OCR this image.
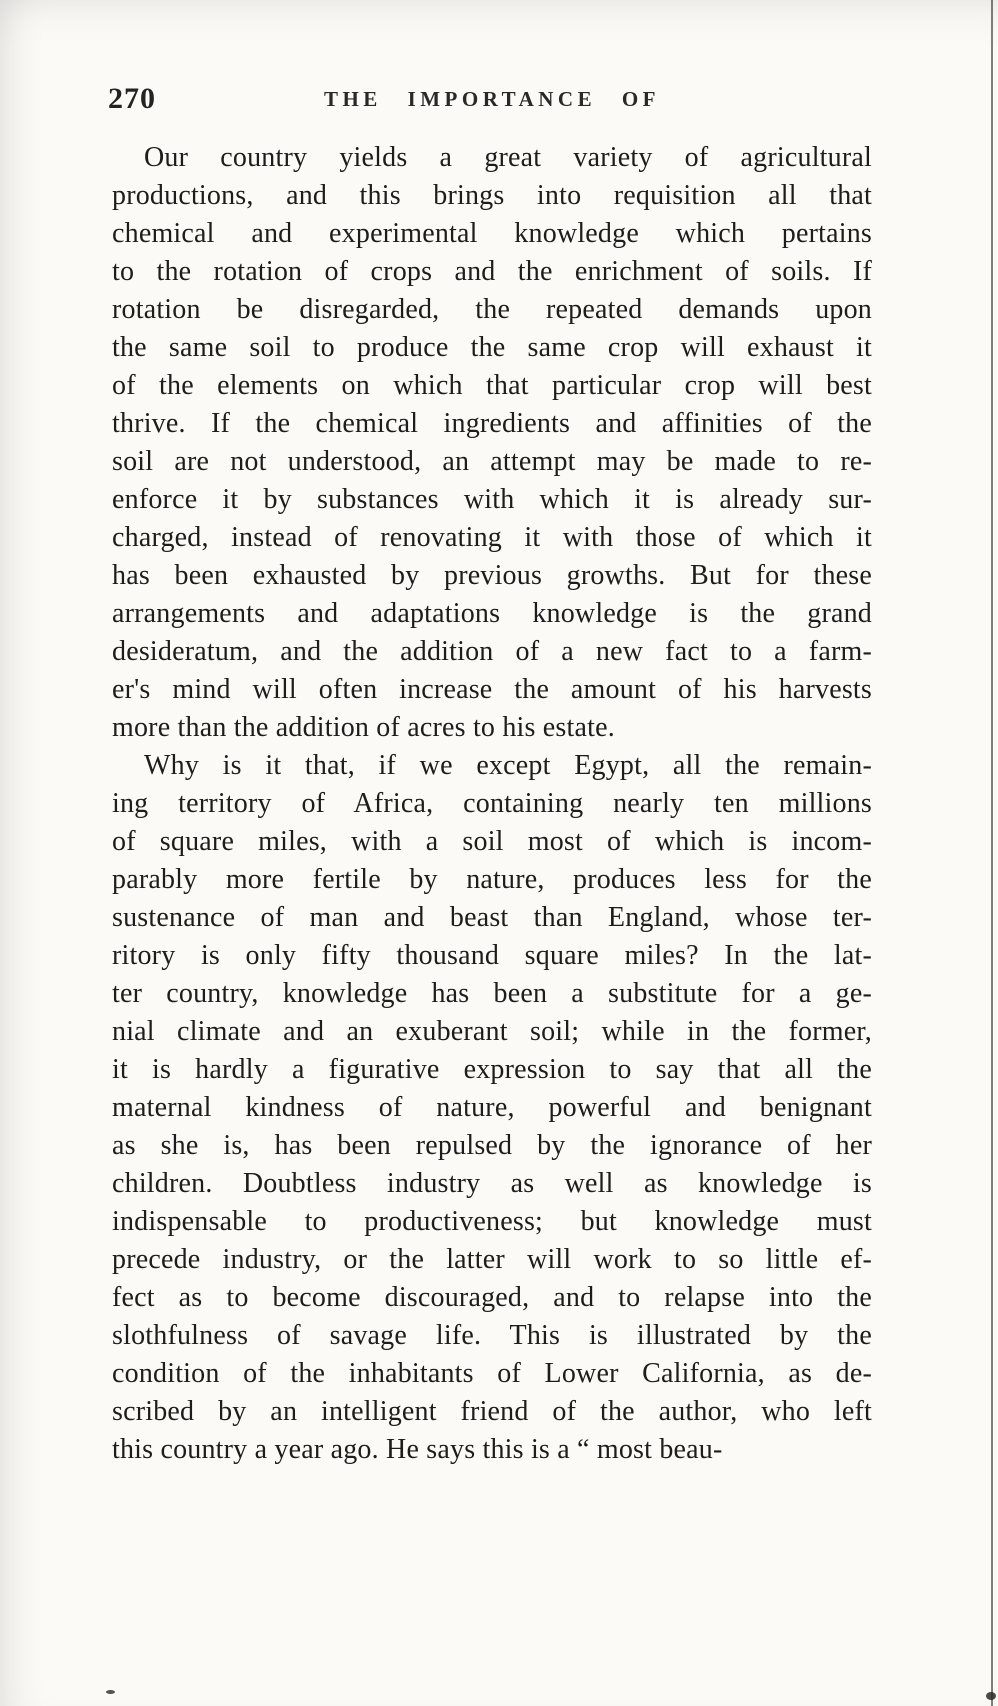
270	THE IMPORTANCE OF
Our country yields a great variety of agricultural
productions, and this brings into requisition all that
chemical and experimental knowledge which pertains
to the rotation of crops and the enrichment of soils. If
rotation be disregarded, the repeated demands upon
the same soil to produce the same crop will exhaust it
of the elements on which that particular crop will best
thrive. If the chemical ingredients and affinities of the
soil are not understood, an attempt may be made to re-
enforce it by substances with which it is already sur-
charged, instead of renovating it with those of which it
has been exhausted by previous growths. But for these
arrangements and adaptations knowledge is the grand
desideratum, and the addition of a new fact to a farm-
er's mind will often increase the amount of his harvests
more than the addition of acres to his estate.
Why is it that, if we except Egypt, all the remain-
ing territory of Africa, containing nearly ten millions
of square miles, with a soil most of which is incom-
parably more fertile by nature, produces less for the
sustenance of man and beast than England, whose ter-
ritory is only fifty thousand square miles? In the lat-
ter country, knowledge has been a substitute for a ge-
nial climate and an exuberant soil; while in the former,
it is hardly a figurative expression to say that all the
maternal kindness of nature, powerful and benignant
as she is, has been repulsed by the ignorance of her
children. Doubtless industry as well as knowledge is
indispensable to productiveness; but knowledge must
precede industry, or the latter will work to so little ef-
fect as to become discouraged, and to relapse into the
slothfulness of savage life. This is illustrated by the
condition of the inhabitants of Lower California, as de-
scribed by an intelligent friend of the author, who left
this country a year ago. He says this is a “ most beau-
